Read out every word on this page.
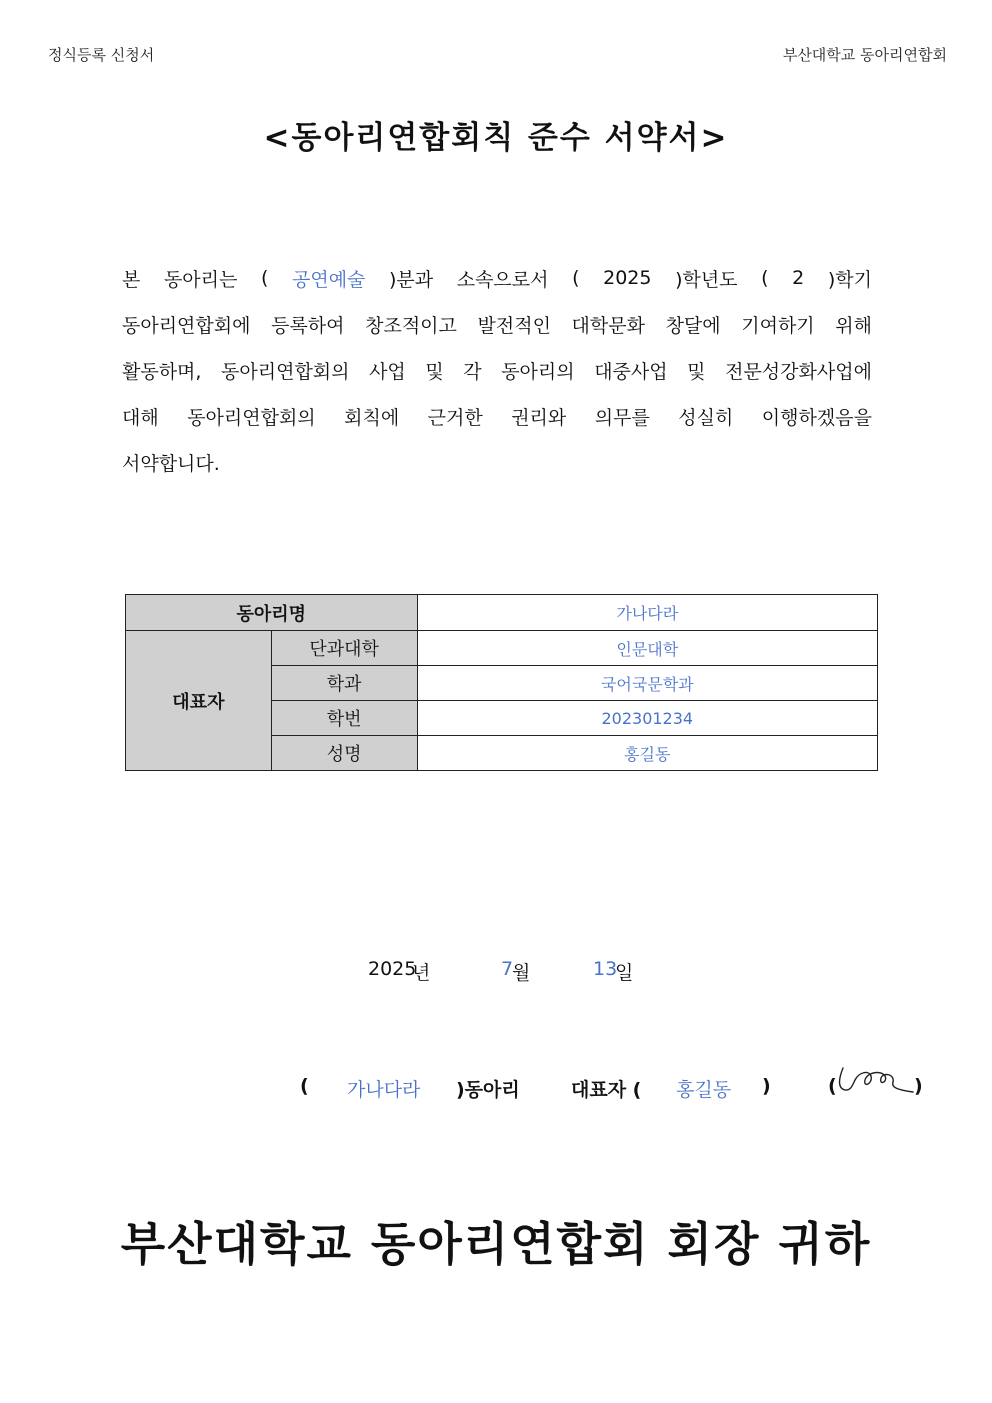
정식등록 신청서	부산대학교 동아리연합회
<동아리연합회칙 준수 서약서>
본 동아리는 ( 공연예술 )분과 소속으로서 ( 2025 )학년도 ( 2 )학기
동아리연합회에 등록하여 창조적이고 발전적인 대학문화 창달에 기여하기 위해
활동하며, 동아리연합회의 사업 및 각 동아리의 대중사업 및 전문성강화사업에
대해 동아리연합회의 회칙에 근거한 권리와 의무를 성실히 이행하겠음을
서약합니다.
동아리명		가나다라
대표자	단과대학	인문대학
	학과	국어국문학과
	학번	202301234
	성명	홍길동
2025
년	7
월	13
일
( 가나다라 )동아리	대표자 ( 홍길동 )	(	)
부산대학교 동아리연합회 회장 귀하
